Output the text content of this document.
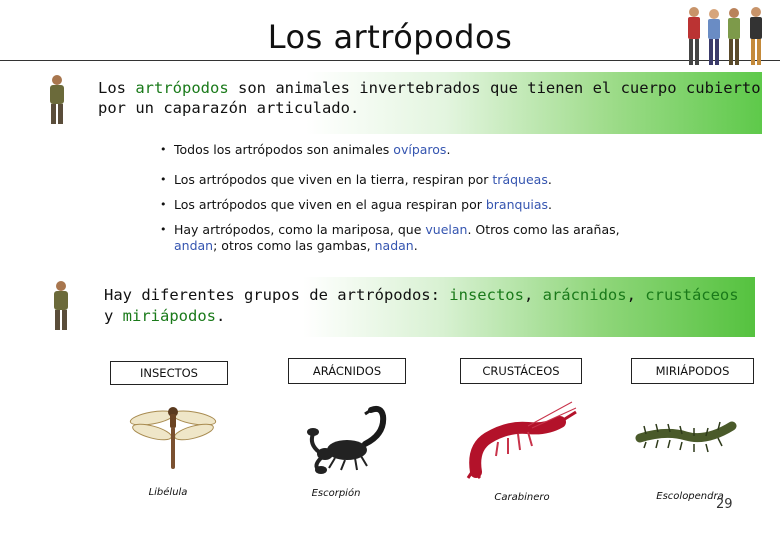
Los artrópodos
Los artrópodos son animales invertebrados que tienen el cuerpo cubierto por un caparazón articulado.
• Todos los artrópodos son animales ovíparos.
• Los artrópodos que viven en la tierra, respiran por tráqueas.
• Los artrópodos que viven en el agua respiran por branquias.
• Hay artrópodos, como la mariposa, que vuelan. Otros como las arañas, andan; otros como las gambas, nadan.
Hay diferentes grupos de artrópodos: insectos, arácnidos, crustáceos y miriápodos.
INSECTOS	ARÁCNIDOS	CRUSTÁCEOS	MIRIÁPODOS
Libélula	Escorpión	Carabinero	Escolopendra
29
